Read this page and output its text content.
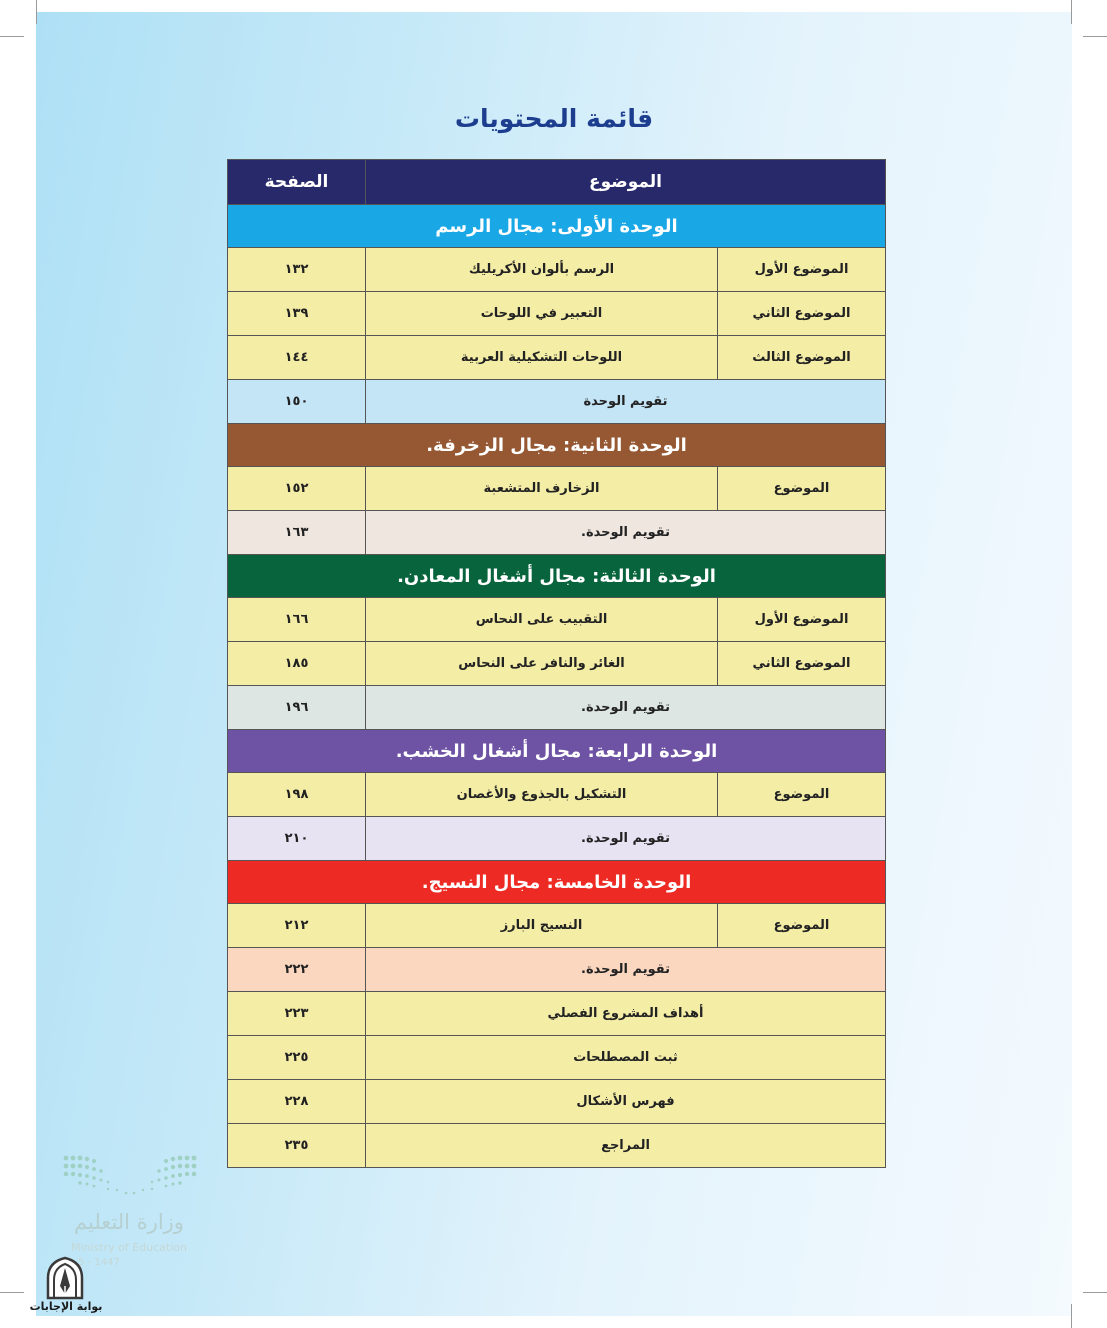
قائمة المحتويات
الموضوع		الصفحة
الوحدة الأولى: مجال الرسم		
الموضوع الأول	الرسم بألوان الأكريليك	١٣٢
الموضوع الثاني	التعبير في اللوحات	١٣٩
الموضوع الثالث	اللوحات التشكيلية العربية	١٤٤
تقويم الوحدة		١٥٠
الوحدة الثانية: مجال الزخرفة.		
الموضوع	الزخارف المتشعبة	١٥٢
تقويم الوحدة.		١٦٣
الوحدة الثالثة: مجال أشغال المعادن.		
الموضوع الأول	التقبيب على النحاس	١٦٦
الموضوع الثاني	الغائر والنافر على النحاس	١٨٥
تقويم الوحدة.		١٩٦
الوحدة الرابعة: مجال أشغال الخشب.		
الموضوع	التشكيل بالجذوع والأغصان	١٩٨
تقويم الوحدة.		٢١٠
الوحدة الخامسة: مجال النسيج.		
الموضوع	النسيج البارز	٢١٢
تقويم الوحدة.		٢٢٢
أهداف المشروع الفصلي		٢٢٣
ثبت المصطلحات		٢٢٥
فهرس الأشكال		٢٢٨
المراجع		٢٣٥
وزارة التعليم
Ministry of Education
5 - 1447
بوابة الإجابات
